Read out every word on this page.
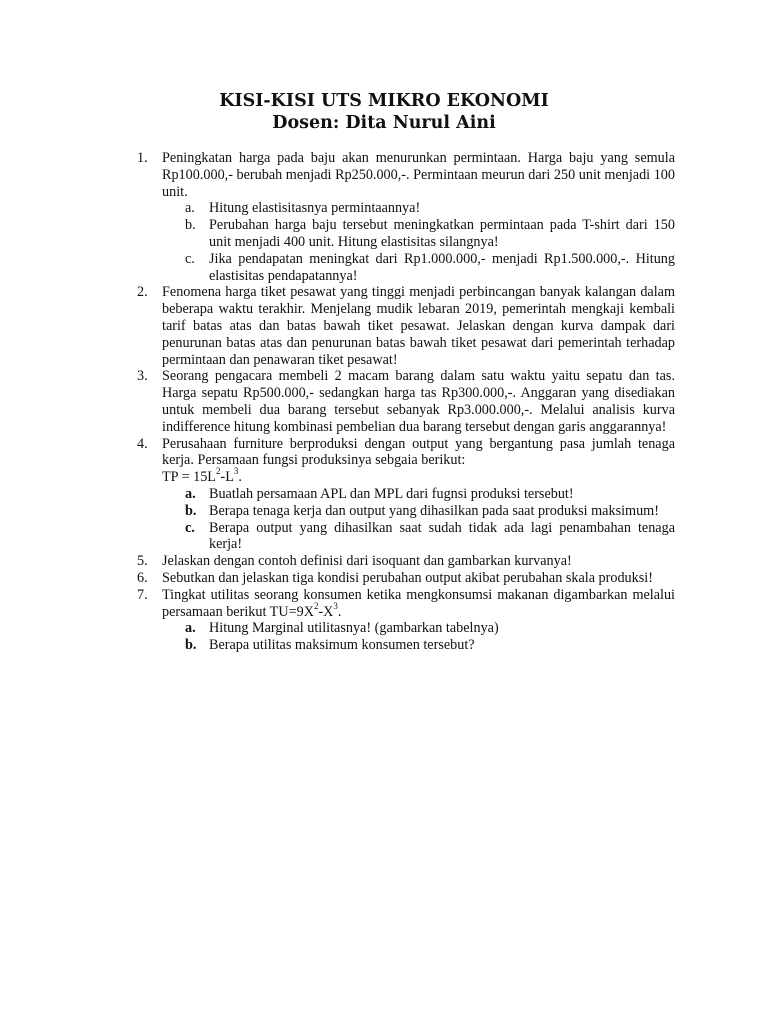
KISI-KISI UTS MIKRO EKONOMI
Dosen: Dita Nurul Aini
1. Peningkatan harga pada baju akan menurunkan permintaan. Harga baju yang semula Rp100.000,- berubah menjadi Rp250.000,-. Permintaan meurun dari 250 unit menjadi 100 unit.
a. Hitung elastisitasnya permintaannya!
b. Perubahan harga baju tersebut meningkatkan permintaan pada T-shirt dari 150 unit menjadi 400 unit. Hitung elastisitas silangnya!
c. Jika pendapatan meningkat dari Rp1.000.000,- menjadi Rp1.500.000,-. Hitung elastisitas pendapatannya!
2. Fenomena harga tiket pesawat yang tinggi menjadi perbincangan banyak kalangan dalam beberapa waktu terakhir. Menjelang mudik lebaran 2019, pemerintah mengkaji kembali tarif batas atas dan batas bawah tiket pesawat. Jelaskan dengan kurva dampak dari penurunan batas atas dan penurunan batas bawah tiket pesawat dari pemerintah terhadap permintaan dan penawaran tiket pesawat!
3. Seorang pengacara membeli 2 macam barang dalam satu waktu yaitu sepatu dan tas. Harga sepatu Rp500.000,- sedangkan harga tas Rp300.000,-. Anggaran yang disediakan untuk membeli dua barang tersebut sebanyak Rp3.000.000,-. Melalui analisis kurva indifference hitung kombinasi pembelian dua barang tersebut dengan garis anggarannya!
4. Perusahaan furniture berproduksi dengan output yang bergantung pasa jumlah tenaga kerja. Persamaan fungsi produksinya sebgaia berikut:
TP = $15L^2-L^3$.
a. Buatlah persamaan APL dan MPL dari fugnsi produksi tersebut!
b. Berapa tenaga kerja dan output yang dihasilkan pada saat produksi maksimum!
c. Berapa output yang dihasilkan saat sudah tidak ada lagi penambahan tenaga kerja!
5. Jelaskan dengan contoh definisi dari isoquant dan gambarkan kurvanya!
6. Sebutkan dan jelaskan tiga kondisi perubahan output akibat perubahan skala produksi!
7. Tingkat utilitas seorang konsumen ketika mengkonsumsi makanan digambarkan melalui persamaan berikut $TU=9X^2-X^3$.
a. Hitung Marginal utilitasnya! (gambarkan tabelnya)
b. Berapa utilitas maksimum konsumen tersebut?
